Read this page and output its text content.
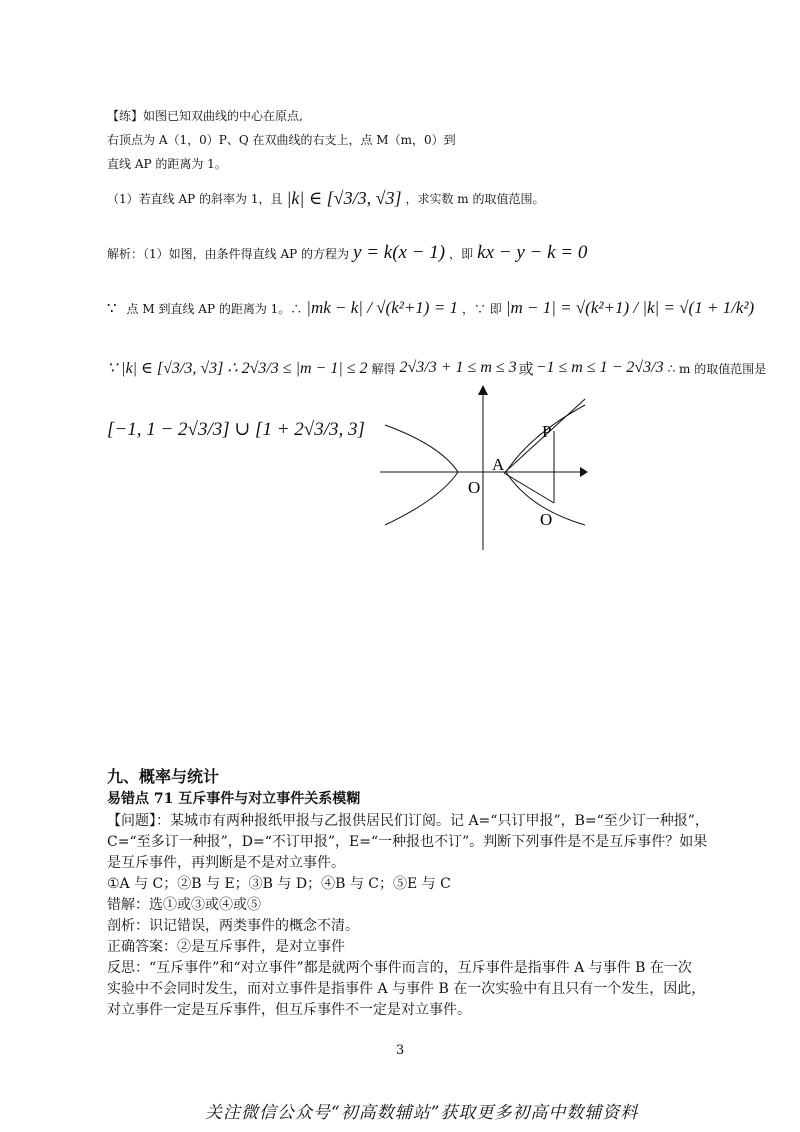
【练】如图已知双曲线的中心在原点,
右顶点为 A（1，0）P、Q 在双曲线的右支上，点 M（m，0）到
直线 AP 的距离为 1。
（1）若直线 AP 的斜率为 1，且 |k| ∈ [√3/3, √3] ，求实数 m 的取值范围。
解析：（1）如图，由条件得直线 AP 的方程为 y = k(x − 1) ，即 kx − y − k = 0
∵ 点 M 到直线 AP 的距离为 1。∴ |mk − k| / √(k²+1) = 1 ，∵ 即 |m − 1| = √(k²+1) / |k| = √(1 + 1/k²)
∵ |k| ∈ [√3/3, √3] ∴ 2√3/3 ≤ |m − 1| ≤ 2 解得 2√3/3 + 1 ≤ m ≤ 3 或 −1 ≤ m ≤ 1 − 2√3/3 ∴ m 的取值范围是
[−1, 1 − 2√3/3] ∪ [1 + 2√3/3, 3]
A
O
P
O
九、概率与统计
易错点 71 互斥事件与对立事件关系模糊
【问题】：某城市有两种报纸甲报与乙报供居民们订阅。记 A=“只订甲报”，B=“至少订一种报”，
C=“至多订一种报”，D=“不订甲报”，E=“一种报也不订”。判断下列事件是不是互斥事件？如果
是互斥事件，再判断是不是对立事件。
①A 与 C；②B 与 E；③B 与 D；④B 与 C；⑤E 与 C
错解：选①或③或④或⑤
剖析：识记错误，两类事件的概念不清。
正确答案：②是互斥事件，是对立事件
反思：“互斥事件”和“对立事件”都是就两个事件而言的，互斥事件是指事件 A 与事件 B 在一次
实验中不会同时发生，而对立事件是指事件 A 与事件 B 在一次实验中有且只有一个发生，因此，
对立事件一定是互斥事件，但互斥事件不一定是对立事件。
3
关注微信公众号“初高数辅站”获取更多初高中数辅资料
